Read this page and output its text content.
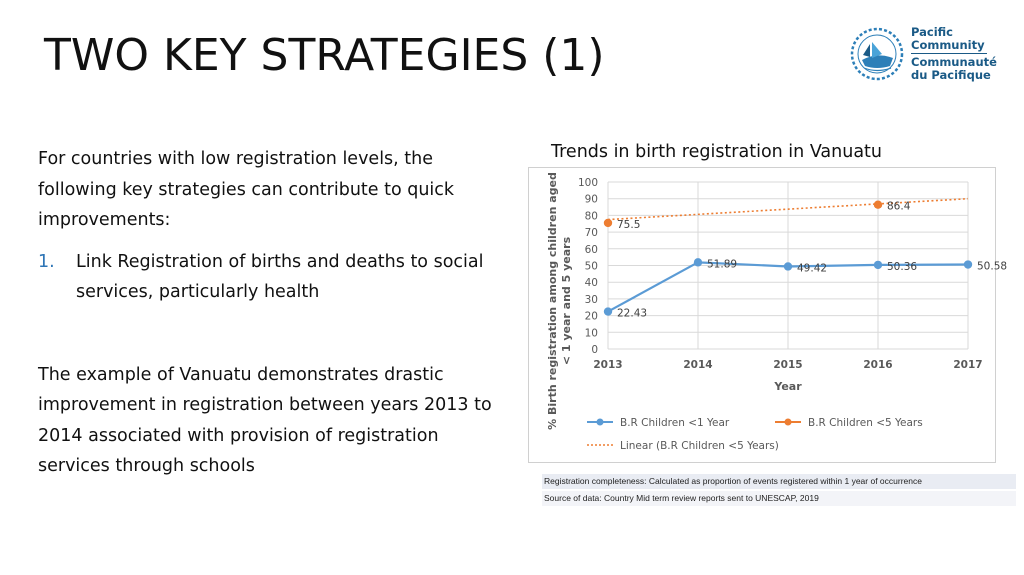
TWO KEY STRATEGIES (1)	Pacific
Community
Communauté
du Pacifique

For countries with low registration levels, the following key strategies can contribute to quick improvements:

1. Link Registration of births and deaths to social services, particularly health

The example of Vanuatu demonstrates drastic improvement in registration between years 2013 to 2014 associated with provision of registration services through schools

Trends in birth registration in Vanuatu
0
10
20
30
40
50
60
70
80
90
100
2013	2014	2015	2016	2017
% Birth registration among children aged < 1 year and 5 years
Year
22.43
51.89	49.42	50.36	50.58
75.5
86.4
B.R Children <1 Year	B.R Children <5 Years
Linear (B.R Children <5 Years)
Registration completeness: Calculated as proportion of events registered within 1 year of occurrence
Source of data: Country Mid term review reports sent to UNESCAP, 2019
